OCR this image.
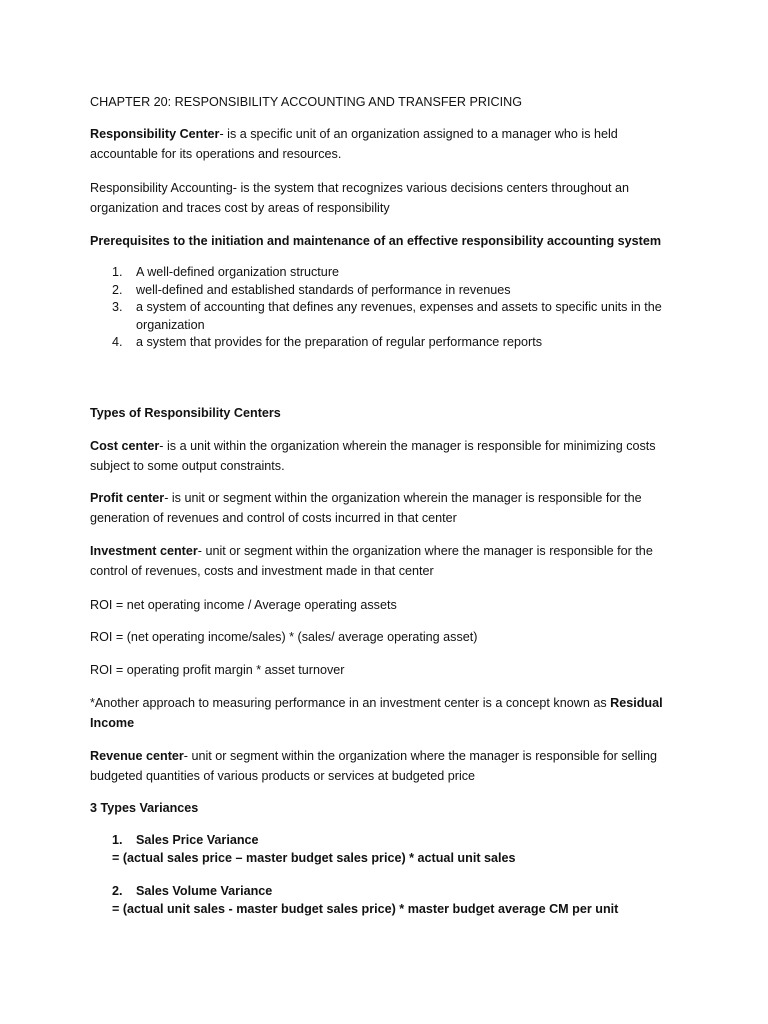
CHAPTER 20: RESPONSIBILITY ACCOUNTING AND TRANSFER PRICING

Responsibility Center- is a specific unit of an organization assigned to a manager who is held accountable for its operations and resources.

Responsibility Accounting- is the system that recognizes various decisions centers throughout an organization and traces cost by areas of responsibility

Prerequisites to the initiation and maintenance of an effective responsibility accounting system

1. A well-defined organization structure
2. well-defined and established standards of performance in revenues
3. a system of accounting that defines any revenues, expenses and assets to specific units in the organization
4. a system that provides for the preparation of regular performance reports

Types of Responsibility Centers

Cost center- is a unit within the organization wherein the manager is responsible for minimizing costs subject to some output constraints.

Profit center- is unit or segment within the organization wherein the manager is responsible for the generation of revenues and control of costs incurred in that center

Investment center- unit or segment within the organization where the manager is responsible for the control of revenues, costs and investment made in that center

ROI = net operating income / Average operating assets

ROI = (net operating income/sales) * (sales/ average operating asset)

ROI = operating profit margin * asset turnover

*Another approach to measuring performance in an investment center is a concept known as Residual Income

Revenue center- unit or segment within the organization where the manager is responsible for selling budgeted quantities of various products or services at budgeted price

3 Types Variances

1. Sales Price Variance
= (actual sales price – master budget sales price) * actual unit sales
2. Sales Volume Variance
= (actual unit sales - master budget sales price) * master budget average CM per unit
